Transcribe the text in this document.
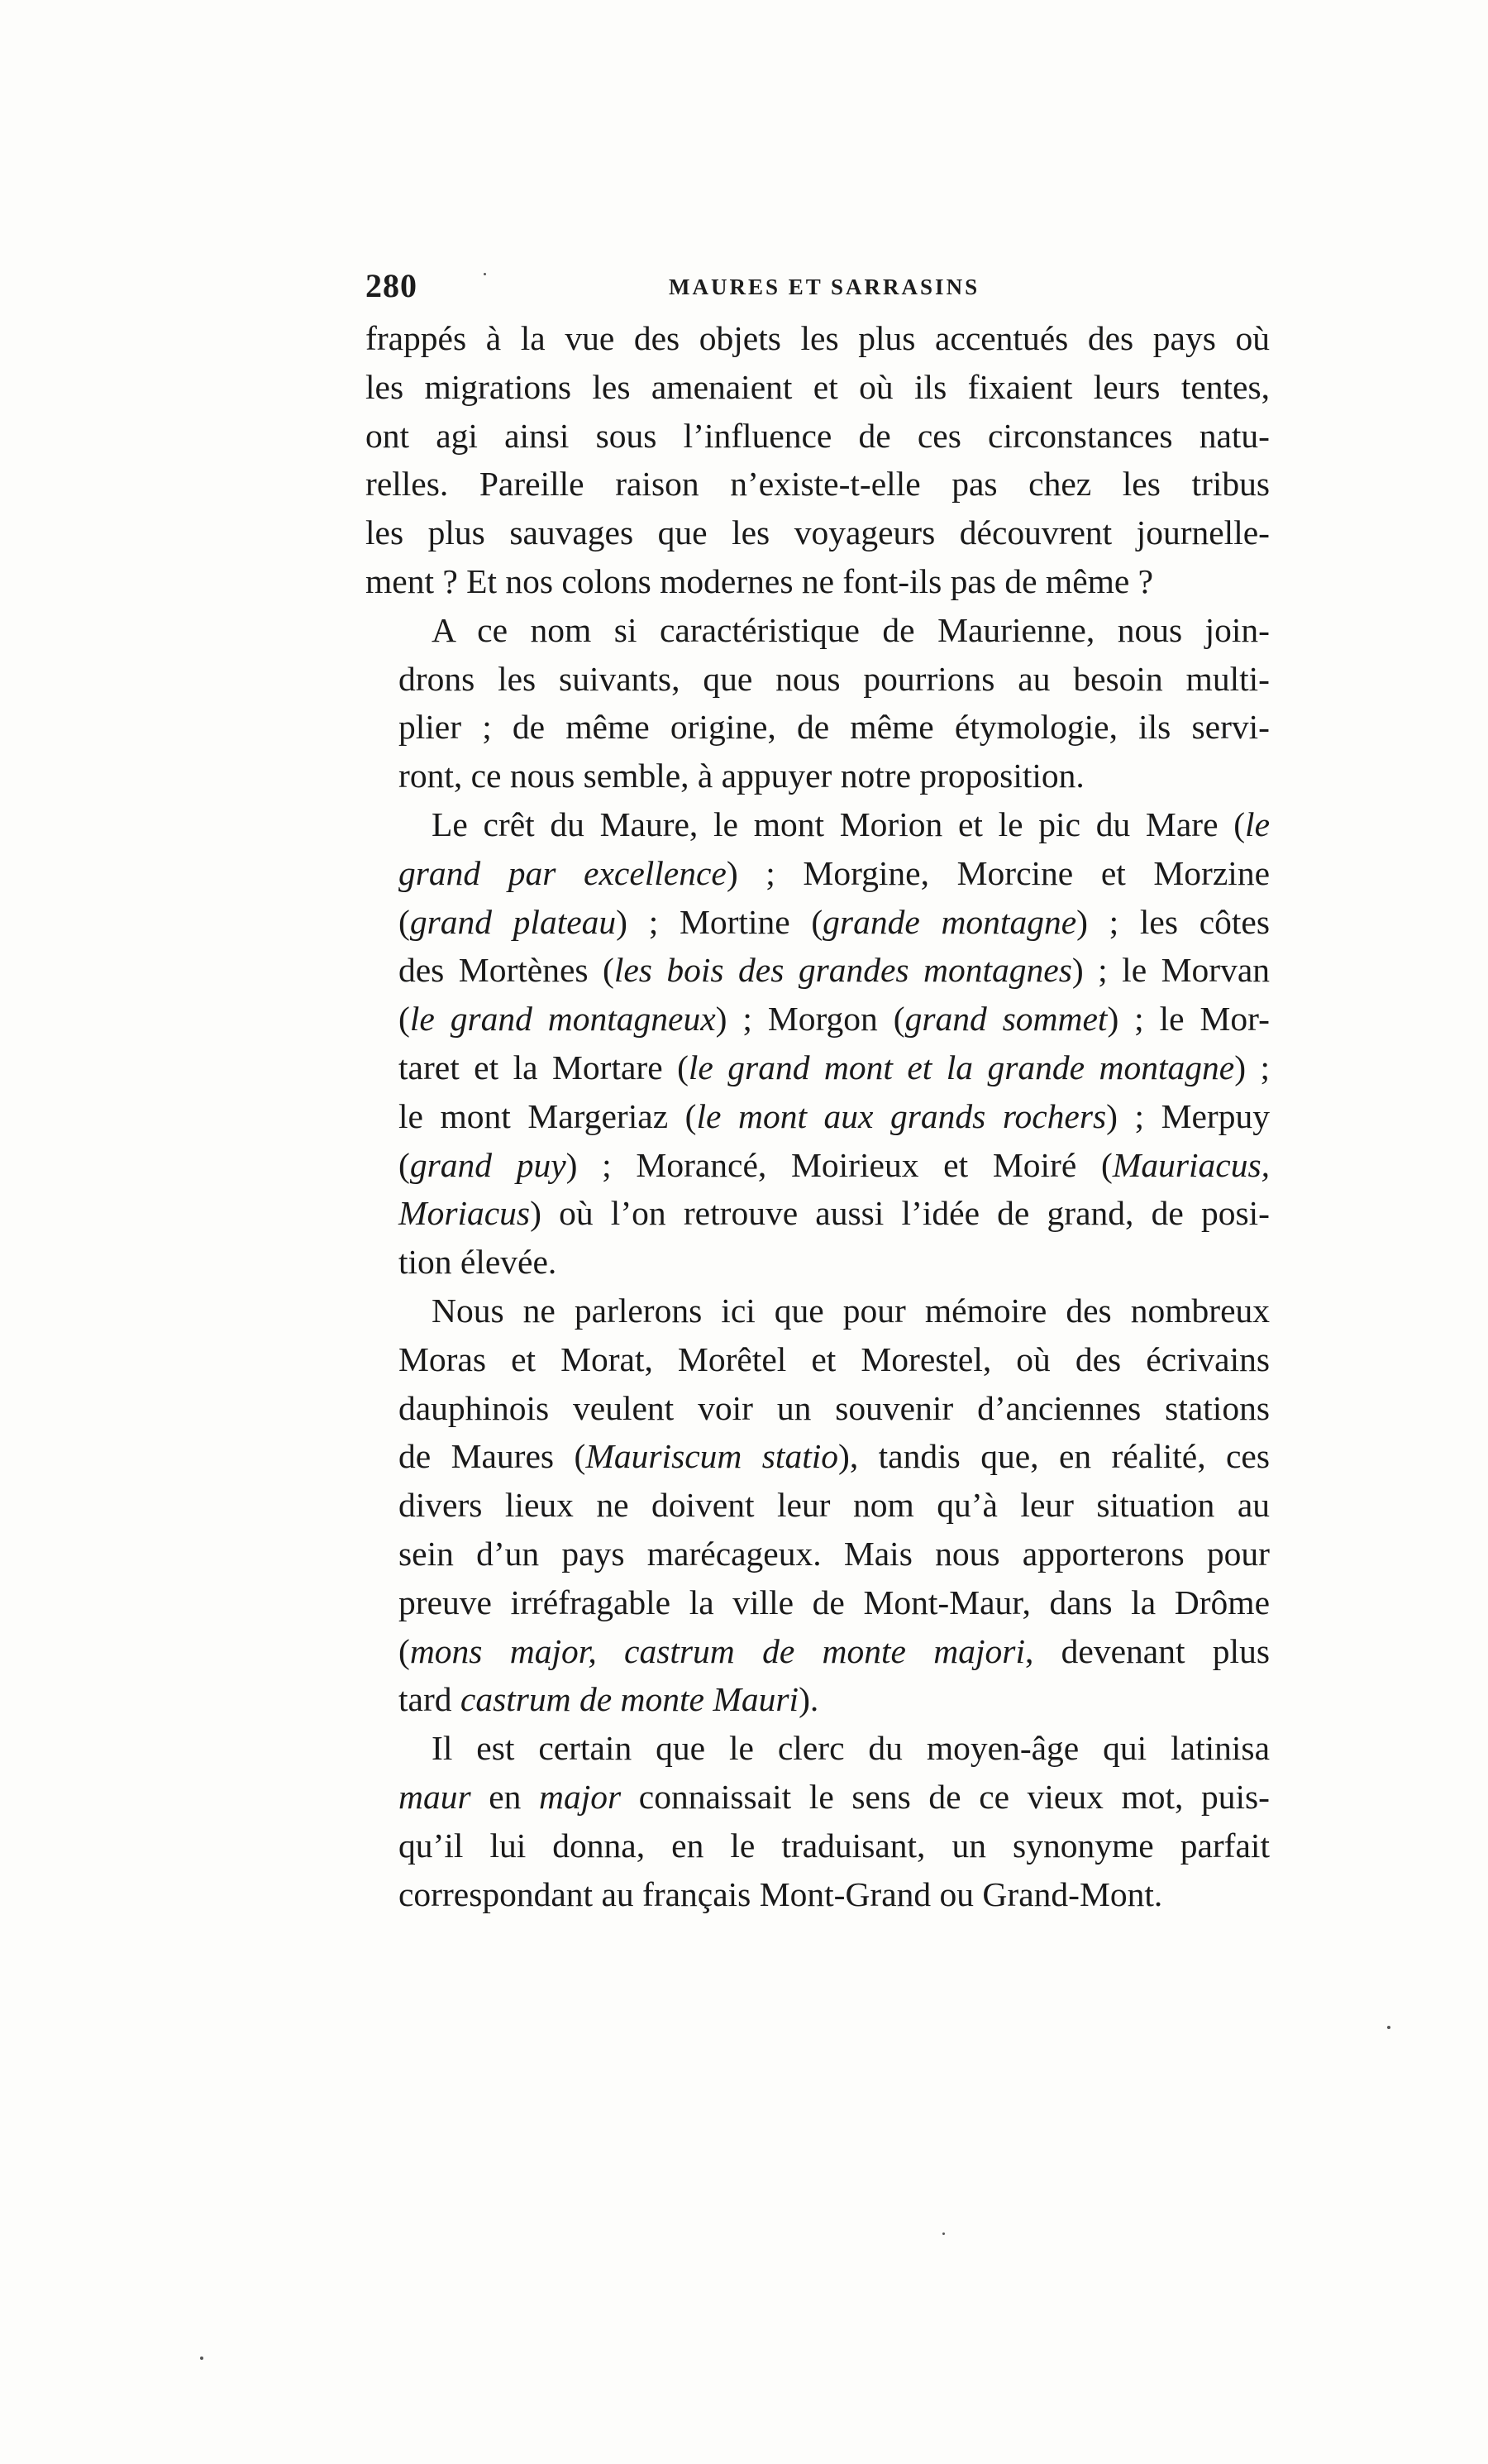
280	MAURES ET SARRASINS

frappés à la vue des objets les plus accentués des pays où
les migrations les amenaient et où ils fixaient leurs tentes,
ont agi ainsi sous l’influence de ces circonstances natu-
relles. Pareille raison n’existe-t-elle pas chez les tribus
les plus sauvages que les voyageurs découvrent journelle-
ment ? Et nos colons modernes ne font-ils pas de même ?

A ce nom si caractéristique de Maurienne, nous join-
drons les suivants, que nous pourrions au besoin multi-
plier ; de même origine, de même étymologie, ils servi-
ront, ce nous semble, à appuyer notre proposition.

Le crêt du Maure, le mont Morion et le pic du Mare (le
grand par excellence) ; Morgine, Morcine et Morzine
(grand plateau) ; Mortine (grande montagne) ; les côtes
des Mortènes (les bois des grandes montagnes) ; le Morvan
(le grand montagneux) ; Morgon (grand sommet) ; le Mor-
taret et la Mortare (le grand mont et la grande montagne) ;
le mont Margeriaz (le mont aux grands rochers) ; Merpuy
(grand puy) ; Morancé, Moirieux et Moiré (Mauriacus,
Moriacus) où l’on retrouve aussi l’idée de grand, de posi-
tion élevée.

Nous ne parlerons ici que pour mémoire des nombreux
Moras et Morat, Morêtel et Morestel, où des écrivains
dauphinois veulent voir un souvenir d’anciennes stations
de Maures (Mauriscum statio), tandis que, en réalité, ces
divers lieux ne doivent leur nom qu’à leur situation au
sein d’un pays marécageux. Mais nous apporterons pour
preuve irréfragable la ville de Mont-Maur, dans la Drôme
(mons major, castrum de monte majori, devenant plus
tard castrum de monte Mauri).

Il est certain que le clerc du moyen-âge qui latinisa
maur en major connaissait le sens de ce vieux mot, puis-
qu’il lui donna, en le traduisant, un synonyme parfait
correspondant au français Mont-Grand ou Grand-Mont.
